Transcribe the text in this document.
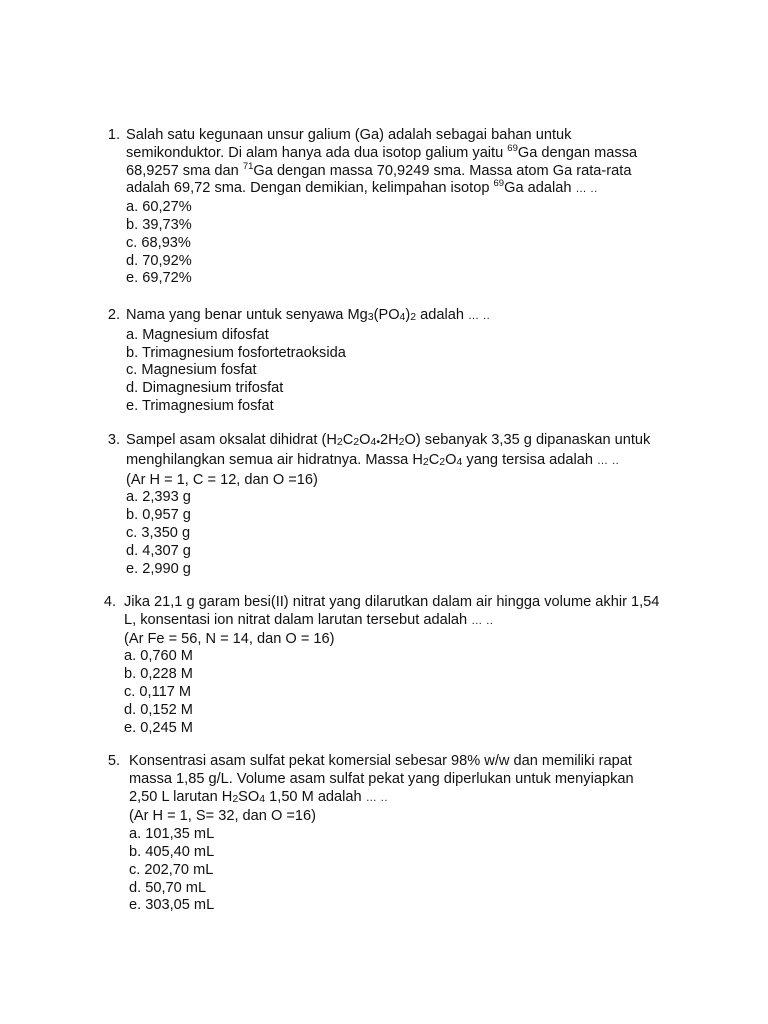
1. Salah satu kegunaan unsur galium (Ga) adalah sebagai bahan untuk
semikonduktor. Di alam hanya ada dua isotop galium yaitu $^{69}$Ga dengan massa
68,9257 sma dan $^{71}$Ga dengan massa 70,9249 sma. Massa atom Ga rata-rata
adalah 69,72 sma. Dengan demikian, kelimpahan isotop $^{69}$Ga adalah … ..
a. 60,27%
b. 39,73%
c. 68,93%
d. 70,92%
e. 69,72%
2. Nama yang benar untuk senyawa Mg3(PO4)2 adalah … ..
a. Magnesium difosfat
b. Trimagnesium fosfortetraoksida
c. Magnesium fosfat
d. Dimagnesium trifosfat
e. Trimagnesium fosfat
3. Sampel asam oksalat dihidrat (H2C2O4•2H2O) sebanyak 3,35 g dipanaskan untuk
menghilangkan semua air hidratnya. Massa H2C2O4 yang tersisa adalah … ..
(Ar H = 1, C = 12, dan O =16)
a. 2,393 g
b. 0,957 g
c. 3,350 g
d. 4,307 g
e. 2,990 g
4. Jika 21,1 g garam besi(II) nitrat yang dilarutkan dalam air hingga volume akhir 1,54
L, konsentasi ion nitrat dalam larutan tersebut adalah … ..
(Ar Fe = 56, N = 14, dan O = 16)
a. 0,760 M
b. 0,228 M
c. 0,117 M
d. 0,152 M
e. 0,245 M
5. Konsentrasi asam sulfat pekat komersial sebesar 98% w/w dan memiliki rapat
massa 1,85 g/L. Volume asam sulfat pekat yang diperlukan untuk menyiapkan
2,50 L larutan H2SO4 1,50 M adalah … ..
(Ar H = 1, S= 32, dan O =16)
a. 101,35 mL
b. 405,40 mL
c. 202,70 mL
d. 50,70 mL
e. 303,05 mL
